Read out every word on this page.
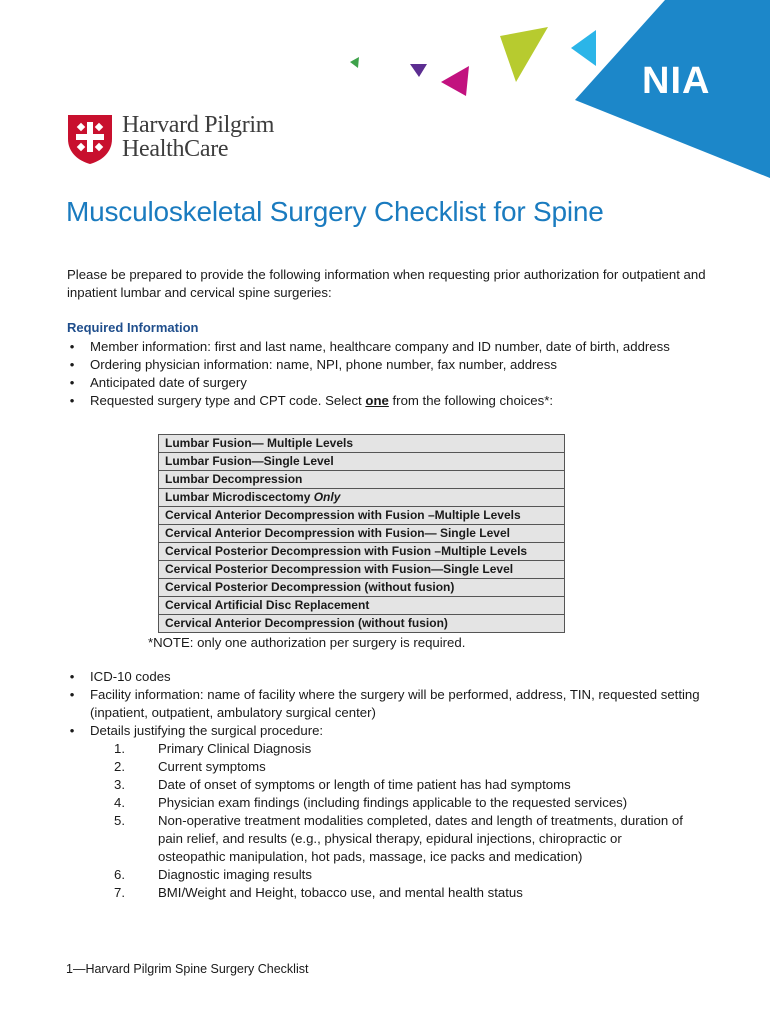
NIA
Harvard Pilgrim
HealthCare
Musculoskeletal Surgery Checklist for Spine
Please be prepared to provide the following information when requesting prior authorization for outpatient and inpatient lumbar and cervical spine surgeries:
Required Information
• Member information: first and last name, healthcare company and ID number, date of birth, address
• Ordering physician information: name, NPI, phone number, fax number, address
• Anticipated date of surgery
• Requested surgery type and CPT code. Select one from the following choices*:
Lumbar Fusion— Multiple Levels
Lumbar Fusion—Single Level
Lumbar Decompression
Lumbar Microdiscectomy Only
Cervical Anterior Decompression with Fusion –Multiple Levels
Cervical Anterior Decompression with Fusion— Single Level
Cervical Posterior Decompression with Fusion –Multiple Levels
Cervical Posterior Decompression with Fusion—Single Level
Cervical Posterior Decompression (without fusion)
Cervical Artificial Disc Replacement
Cervical Anterior Decompression (without fusion)
*NOTE: only one authorization per surgery is required.
• ICD-10 codes
• Facility information: name of facility where the surgery will be performed, address, TIN, requested setting (inpatient, outpatient, ambulatory surgical center)
• Details justifying the surgical procedure:
1.	Primary Clinical Diagnosis
2.	Current symptoms
3.	Date of onset of symptoms or length of time patient has had symptoms
4.	Physician exam findings (including findings applicable to the requested services)
5.	Non-operative treatment modalities completed, dates and length of treatments, duration of pain relief, and results (e.g., physical therapy, epidural injections, chiropractic or osteopathic manipulation, hot pads, massage, ice packs and medication)
6.	Diagnostic imaging results
7.	BMI/Weight and Height, tobacco use, and mental health status
1—Harvard Pilgrim Spine Surgery Checklist
